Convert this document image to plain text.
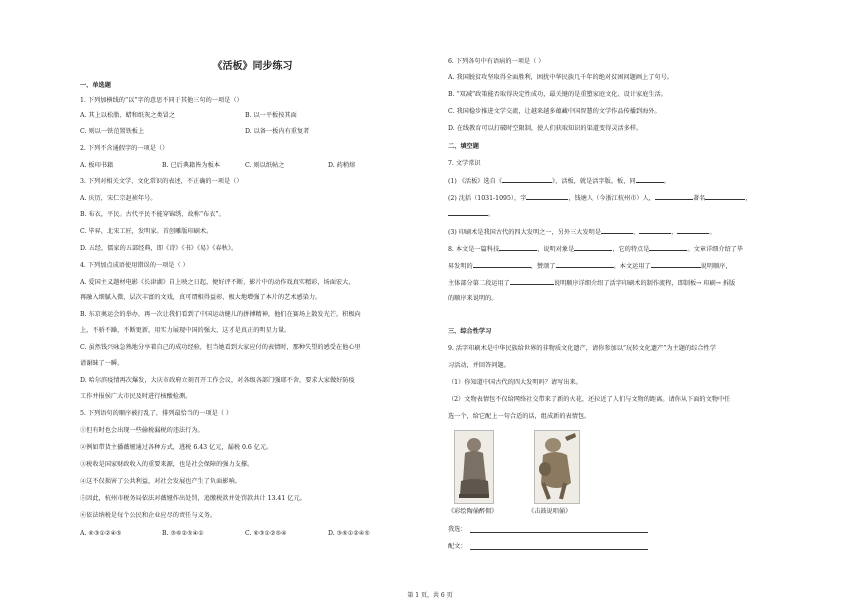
《活板》同步练习
一、单选题
1. 下列加横线的“以”字的意思不同于其他三句的一项是（）
A. 其上以松脂、蜡和纸灰之类冒之	B. 以一平板按其面
C. 则以一铁范置铁板上	D. 以备一板内有重复者
2. 下列不含通假字的一项是（）
A. 板印书籍	B. 已后典籍皆为板本	C. 则以纸帖之	D. 药稍熔
3. 下列对相关文学、文化常识的表述，不正确的一项是（）
A. 庆历，宋仁宗赵祯年号。
B. 布衣，平民。古代平民不能穿锦绣，故称“布衣”。
C. 毕昇，北宋工匠，发明家。首创雕版印刷术。
D. 五经，儒家的五部经典，即《诗》《书》《易》《春秋》。
4. 下列加点成语使用错误的一项是（ ）
A. 爱国主义题材电影《长津湖》自上映之日起，便好评不断，影片中的动作戏真实精彩，场面宏大，
再融入细腻入微，层次丰富的文戏，真可谓相得益彰，极大地增强了本片的艺术感染力。
B. 东京奥运会的举办，再一次让我们看到了中国运动健儿的拼搏精神，他们在赛场上散发光芒，积极向
上，不骄不躁，不断更新，用实力展现中国的强大，这才是真正的明星力量。
C. 虽然钱兴咏急熟地分享着自己的成功经验，但当她看到大家应付的表情时，那种失望的感受在他心里
谱谢昧了一瞬。
D. 哈尔滨疫情再次爆发，大庆市政府立刻召开工作会议，对各级各部门强耶不舍，要求大家做好防疫
工作并报侯广大市民及时进行核酸检测。
5. 下列语句的顺序被打乱了，排列最恰当的一项是（ ）
①但有时也会出现一些偷税漏税的违法行为。
②例如带货主播薇娅通过各种方式，逃税 6.43 亿元，漏税 0.6 亿元。
③税收是国家财政收入的重要来源，也是社会保障的强力支撑。
④这不仅损害了公共利益，对社会发展也产生了负面影响。
⑤因此，杭州市税务局依法对薇娅作出处罚，追缴税款并处罚款共计 13.41 亿元。
⑥依法纳税是每个公民和企业应尽的责任与义务。
A. ⑥③①②④⑤	B. ③⑥②⑤④①	C. ⑥③①②⑤④	D. ③⑥①②④⑤
6. 下列各句中有语病的一项是（ ）
A. 我国脱贫攻坚取得全面胜利，困扰中华民族几千年的绝对贫困问题画上了句号。
B. “双减”政策能否取得决定性成功，最关键的是重塑家庭文化、设计家庭生活。
C. 我国稳步推进文学交流，让越来越多蕴藏中国智慧的文学作品传播到海外。
D. 在线教育可以打破时空限制，使人们获取知识的渠道变得灵活多样。
二、填空题
7. 文学常识
(1) 《活板》选自《	》，活板，就是活字版。板，同	。
(2) 沈括（1031-1095），字	，钱塘人（今浙江杭州市）人，	著名	，
。
(3) 印刷术是我国古代的四大发明之一，另外三大发明是	、	、	。
8. 本文是一篇科技	，说明对象是	，它的特点是	。文章详细介绍了毕
昇发明的	，赞颂了	。本文运用了	说明顺序，
主体部分第二段运用了	说明顺序详细介绍了活字印刷术的制作流程，即制板→ 印刷→ 拆版
的顺序来说明的。
三、综合性学习
9. 活字印刷术是中华民族给世界的非物质文化遗产，请你参加以“玩转文化遗产”为主题的综合性学
习活动，并回答问题。
（1）你知道中国古代的四大发明吗？请写出来。
（2）文物表情包不仅给网络社交带来了新的火花，还拉近了人们与文物的距离。请你从下面的文物中任
选一个，给它配上一句合适的话，组成新的表情包。
《彩绘陶俑醉佣》	《击鼓说唱俑》
我选：
配文：
第 1 页，共 6 页
